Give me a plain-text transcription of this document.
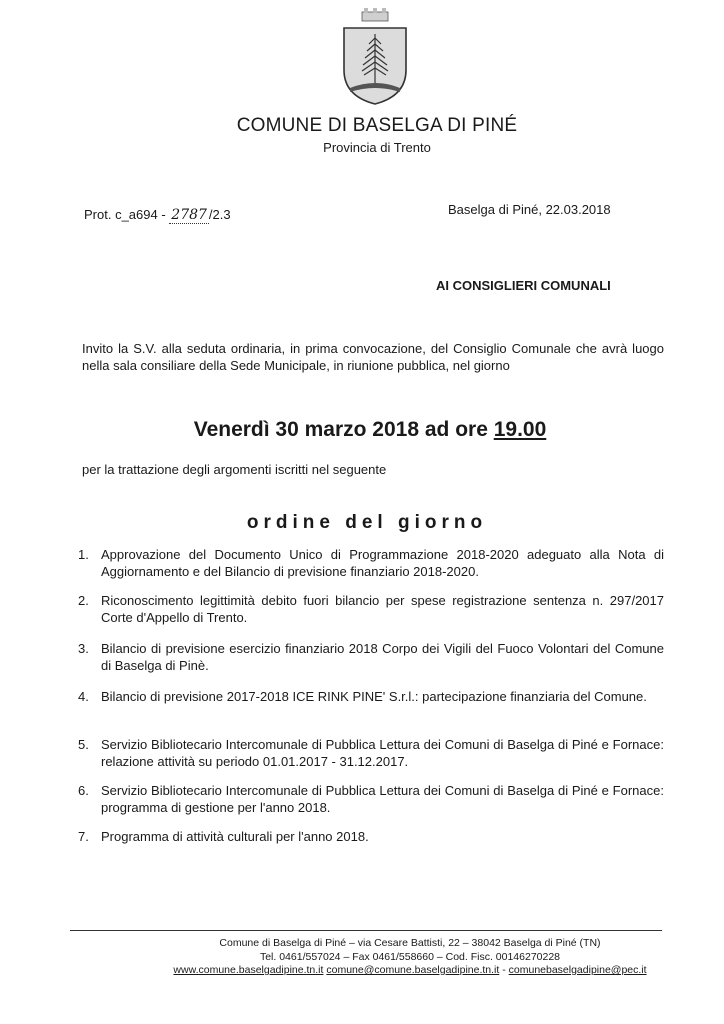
COMUNE DI BASELGA DI PINÉ
Provincia di Trento
Prot. c_a694 - 2787 /2.3	Baselga di Piné, 22.03.2018
AI CONSIGLIERI COMUNALI
Invito la S.V. alla seduta ordinaria, in prima convocazione, del Consiglio Comunale che avrà luogo nella sala consiliare della Sede Municipale, in riunione pubblica, nel giorno
Venerdì 30 marzo 2018 ad ore 19.00
per la trattazione degli argomenti iscritti nel seguente
ordine del giorno
1. Approvazione del Documento Unico di Programmazione 2018-2020 adeguato alla Nota di Aggiornamento e del Bilancio di previsione finanziario 2018-2020.
2. Riconoscimento legittimità debito fuori bilancio per spese registrazione sentenza n. 297/2017 Corte d'Appello di Trento.
3. Bilancio di previsione esercizio finanziario 2018 Corpo dei Vigili del Fuoco Volontari del Comune di Baselga di Pinè.
4. Bilancio di previsione 2017-2018 ICE RINK PINE' S.r.l.: partecipazione finanziaria del Comune.
5. Servizio Bibliotecario Intercomunale di Pubblica Lettura dei Comuni di Baselga di Piné e Fornace: relazione attività su periodo 01.01.2017 - 31.12.2017.
6. Servizio Bibliotecario Intercomunale di Pubblica Lettura dei Comuni di Baselga di Piné e Fornace: programma di gestione per l'anno 2018.
7. Programma di attività culturali per l'anno 2018.
Comune di Baselga di Piné – via Cesare Battisti, 22 – 38042 Baselga di Piné (TN)
Tel. 0461/557024 – Fax 0461/558660 – Cod. Fisc. 00146270228
www.comune.baselgadipine.tn.it comune@comune.baselgadipine.tn.it - comunebaselgadipine@pec.it
